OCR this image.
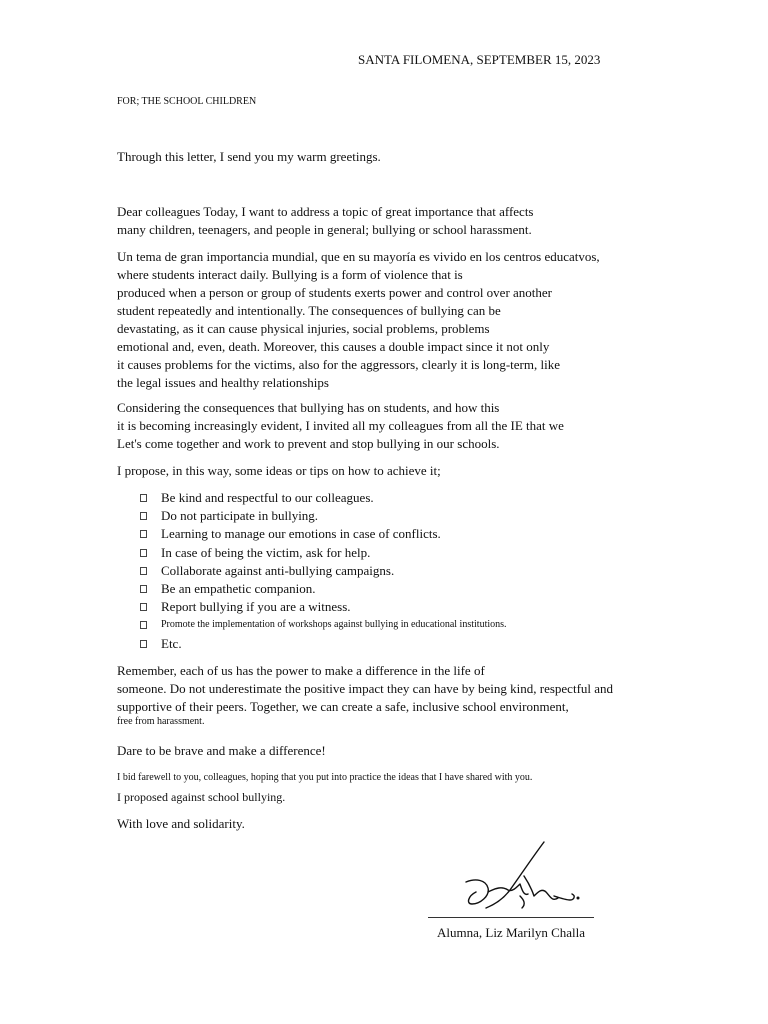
SANTA FILOMENA, SEPTEMBER 15, 2023
FOR; THE SCHOOL CHILDREN
Through this letter, I send you my warm greetings.
Dear colleagues Today, I want to address a topic of great importance that affects
many children, teenagers, and people in general; bullying or school harassment.
Un tema de gran importancia mundial, que en su mayoría es vivido en los centros educatvos,
where students interact daily. Bullying is a form of violence that is
produced when a person or group of students exerts power and control over another
student repeatedly and intentionally. The consequences of bullying can be
devastating, as it can cause physical injuries, social problems, problems
emotional and, even, death. Moreover, this causes a double impact since it not only
it causes problems for the victims, also for the aggressors, clearly it is long-term, like
the legal issues and healthy relationships
Considering the consequences that bullying has on students, and how this
it is becoming increasingly evident, I invited all my colleagues from all the IE that we
Let's come together and work to prevent and stop bullying in our schools.
I propose, in this way, some ideas or tips on how to achieve it;
Be kind and respectful to our colleagues.
Do not participate in bullying.
Learning to manage our emotions in case of conflicts.
In case of being the victim, ask for help.
Collaborate against anti-bullying campaigns.
Be an empathetic companion.
Report bullying if you are a witness.
Promote the implementation of workshops against bullying in educational institutions.
Etc.
Remember, each of us has the power to make a difference in the life of
someone. Do not underestimate the positive impact they can have by being kind, respectful and
supportive of their peers. Together, we can create a safe, inclusive school environment,
free from harassment.
Dare to be brave and make a difference!
I bid farewell to you, colleagues, hoping that you put into practice the ideas that I have shared with you.
I proposed against school bullying.
With love and solidarity.
Alumna, Liz Marilyn Challa
